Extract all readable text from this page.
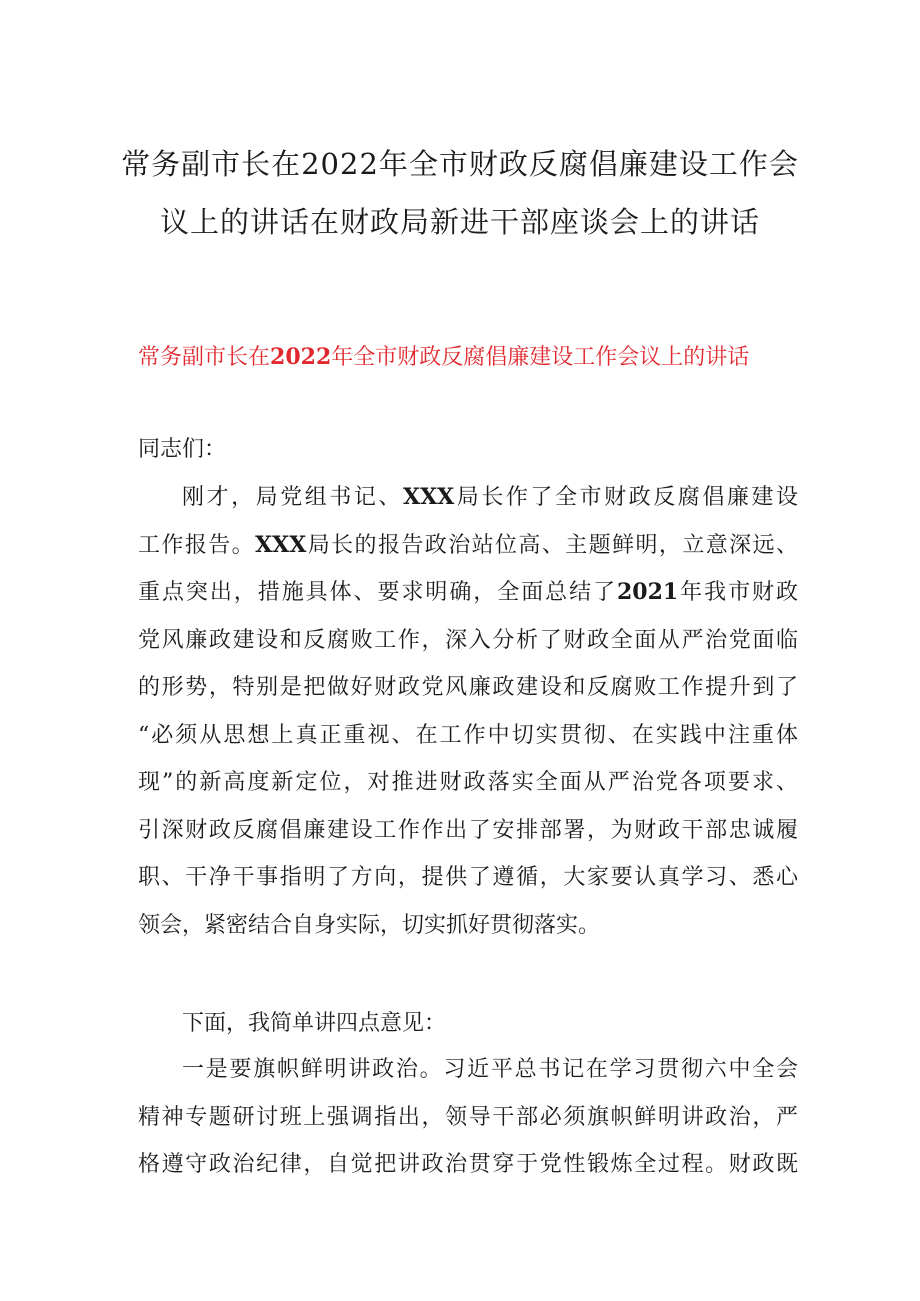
常务副市长在2022年全市财政反腐倡廉建设工作会
议上的讲话在财政局新进干部座谈会上的讲话
常务副市长在2022年全市财政反腐倡廉建设工作会议上的讲话
同志们：
刚才，局党组书记、XXX局长作了全市财政反腐倡廉建设
工作报告。XXX局长的报告政治站位高、主题鲜明，立意深远、
重点突出，措施具体、要求明确，全面总结了2021年我市财政
党风廉政建设和反腐败工作，深入分析了财政全面从严治党面临
的形势，特别是把做好财政党风廉政建设和反腐败工作提升到了
“必须从思想上真正重视、在工作中切实贯彻、在实践中注重体
现”的新高度新定位，对推进财政落实全面从严治党各项要求、
引深财政反腐倡廉建设工作作出了安排部署，为财政干部忠诚履
职、干净干事指明了方向，提供了遵循，大家要认真学习、悉心
领会，紧密结合自身实际，切实抓好贯彻落实。
下面，我简单讲四点意见：
一是要旗帜鲜明讲政治。习近平总书记在学习贯彻六中全会
精神专题研讨班上强调指出，领导干部必须旗帜鲜明讲政治，严
格遵守政治纪律，自觉把讲政治贯穿于党性锻炼全过程。财政既
